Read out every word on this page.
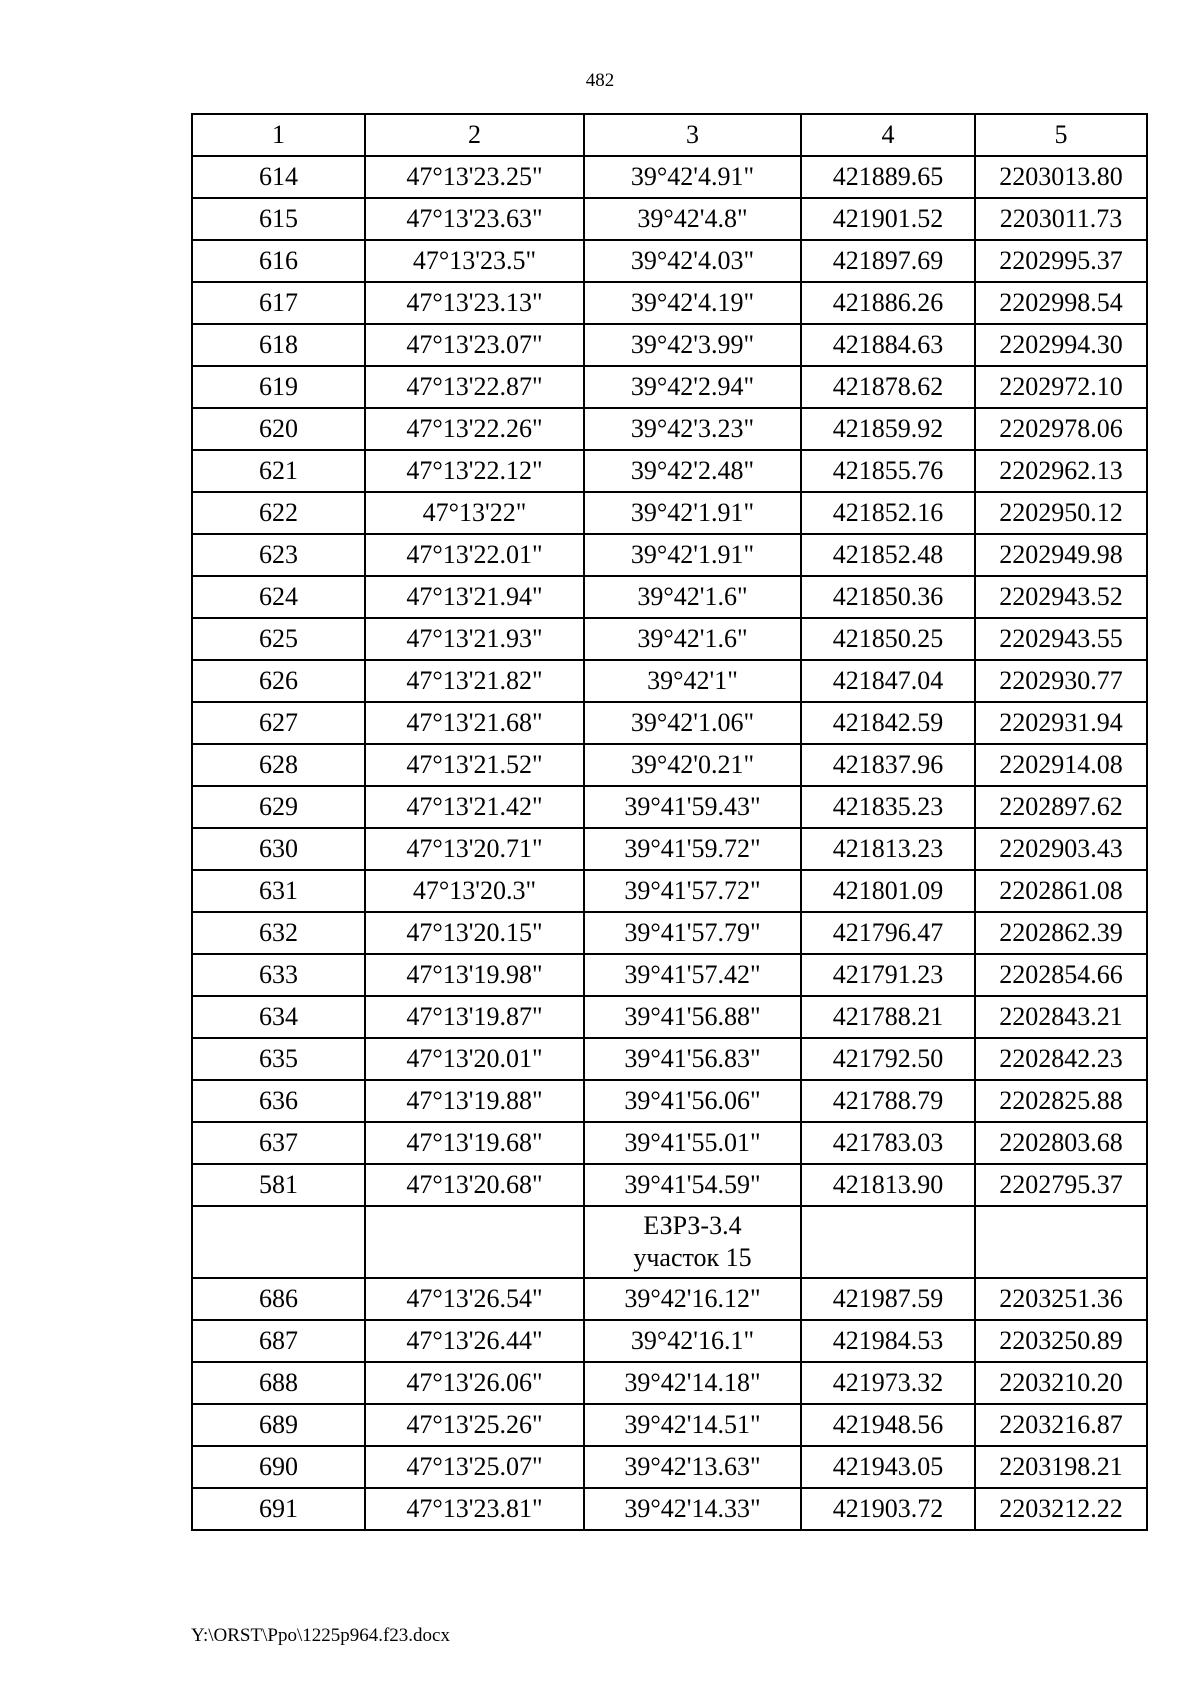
482
1	2	3	4	5
614	47°13'23.25"	39°42'4.91"	421889.65	2203013.80
615	47°13'23.63"	39°42'4.8"	421901.52	2203011.73
616	47°13'23.5"	39°42'4.03"	421897.69	2202995.37
617	47°13'23.13"	39°42'4.19"	421886.26	2202998.54
618	47°13'23.07"	39°42'3.99"	421884.63	2202994.30
619	47°13'22.87"	39°42'2.94"	421878.62	2202972.10
620	47°13'22.26"	39°42'3.23"	421859.92	2202978.06
621	47°13'22.12"	39°42'2.48"	421855.76	2202962.13
622	47°13'22"	39°42'1.91"	421852.16	2202950.12
623	47°13'22.01"	39°42'1.91"	421852.48	2202949.98
624	47°13'21.94"	39°42'1.6"	421850.36	2202943.52
625	47°13'21.93"	39°42'1.6"	421850.25	2202943.55
626	47°13'21.82"	39°42'1"	421847.04	2202930.77
627	47°13'21.68"	39°42'1.06"	421842.59	2202931.94
628	47°13'21.52"	39°42'0.21"	421837.96	2202914.08
629	47°13'21.42"	39°41'59.43"	421835.23	2202897.62
630	47°13'20.71"	39°41'59.72"	421813.23	2202903.43
631	47°13'20.3"	39°41'57.72"	421801.09	2202861.08
632	47°13'20.15"	39°41'57.79"	421796.47	2202862.39
633	47°13'19.98"	39°41'57.42"	421791.23	2202854.66
634	47°13'19.87"	39°41'56.88"	421788.21	2202843.21
635	47°13'20.01"	39°41'56.83"	421792.50	2202842.23
636	47°13'19.88"	39°41'56.06"	421788.79	2202825.88
637	47°13'19.68"	39°41'55.01"	421783.03	2202803.68
581	47°13'20.68"	39°41'54.59"	421813.90	2202795.37

		ЕЗРЗ-3.4
участок 15		

686	47°13'26.54"	39°42'16.12"	421987.59	2203251.36
687	47°13'26.44"	39°42'16.1"	421984.53	2203250.89
688	47°13'26.06"	39°42'14.18"	421973.32	2203210.20
689	47°13'25.26"	39°42'14.51"	421948.56	2203216.87
690	47°13'25.07"	39°42'13.63"	421943.05	2203198.21
691	47°13'23.81"	39°42'14.33"	421903.72	2203212.22
Y:\ORST\Ppo\1225p964.f23.docx
